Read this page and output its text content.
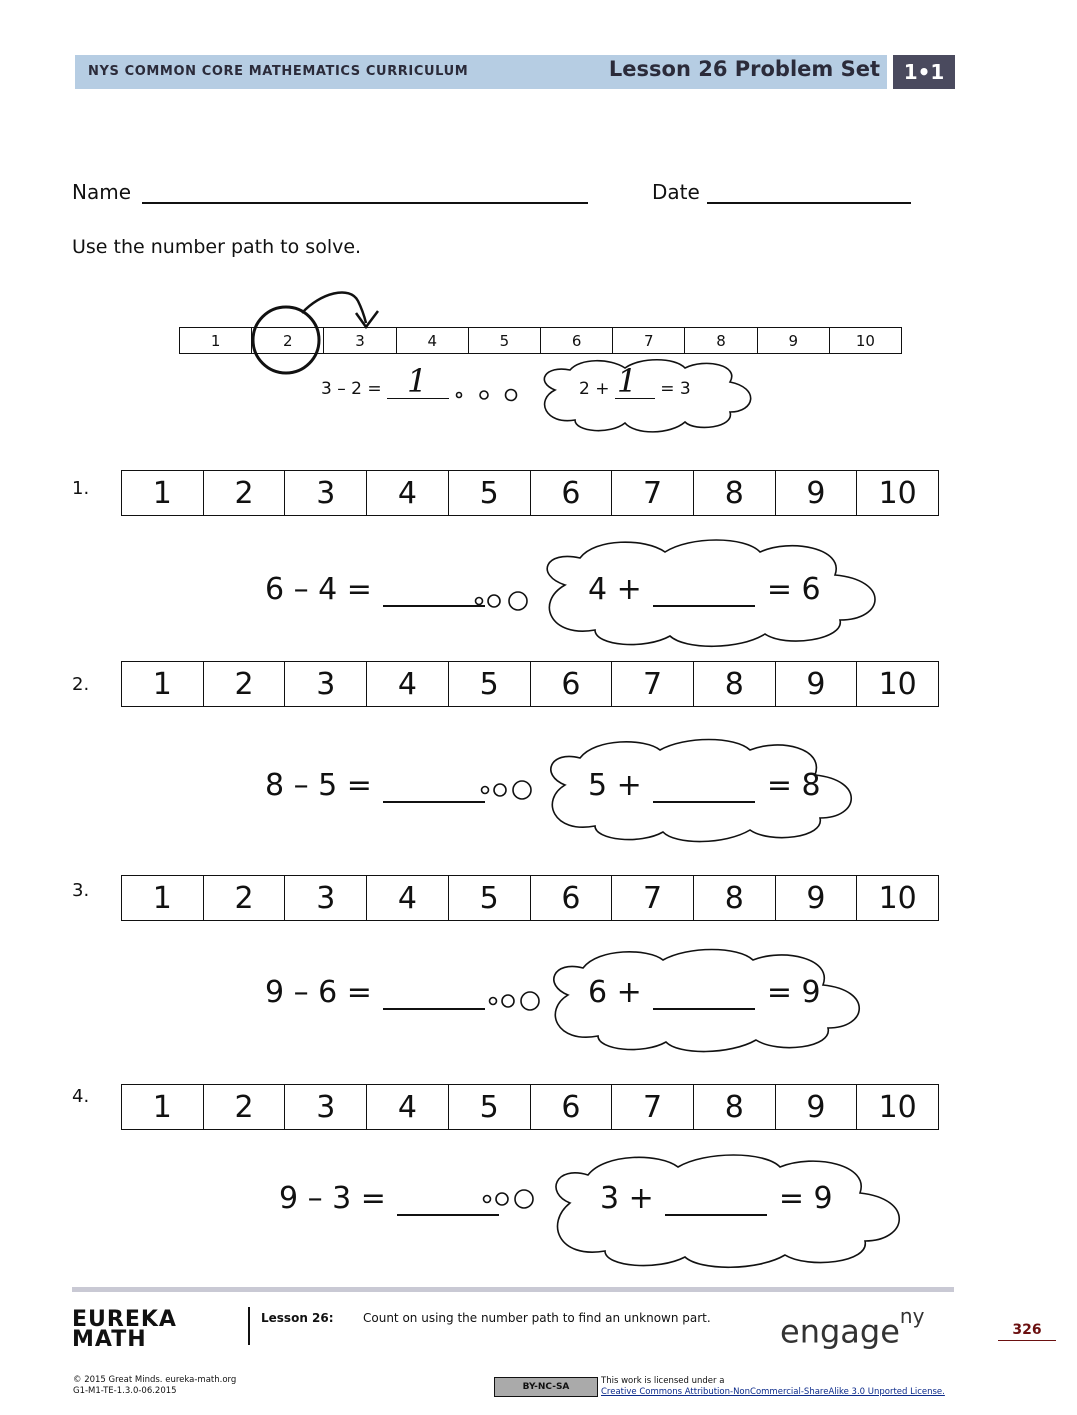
NYS COMMON CORE MATHEMATICS CURRICULUM	Lesson 26 Problem Set	1•1
Name	Date
Use the number path to solve.
1	2	3	4	5	6	7	8	9	10
3 – 2 =
1	2 +
1
= 3
1.	1	2	3	4	5	6	7	8	9	10
6 – 4 =
	4 +

	= 6
2.	1	2	3	4	5	6	7	8	9	10
8 – 5 =
	5 +

	= 8
3.	1	2	3	4	5	6	7	8	9	10
9 – 6 =
	6 +

	= 9
4.	1	2	3	4	5	6	7	8	9	10
9 – 3 =
	3 +

	= 9
EUREKA
MATH
Lesson 26: Count on using the number path to find an unknown part. engage$^{ny}$
326
© 2015 Great Minds. eureka-math.org
G1-M1-TE-1.3.0-06.2015	BY-NC-SA
This work is licensed under a
Creative Commons Attribution-NonCommercial-ShareAlike 3.0 Unported License.
